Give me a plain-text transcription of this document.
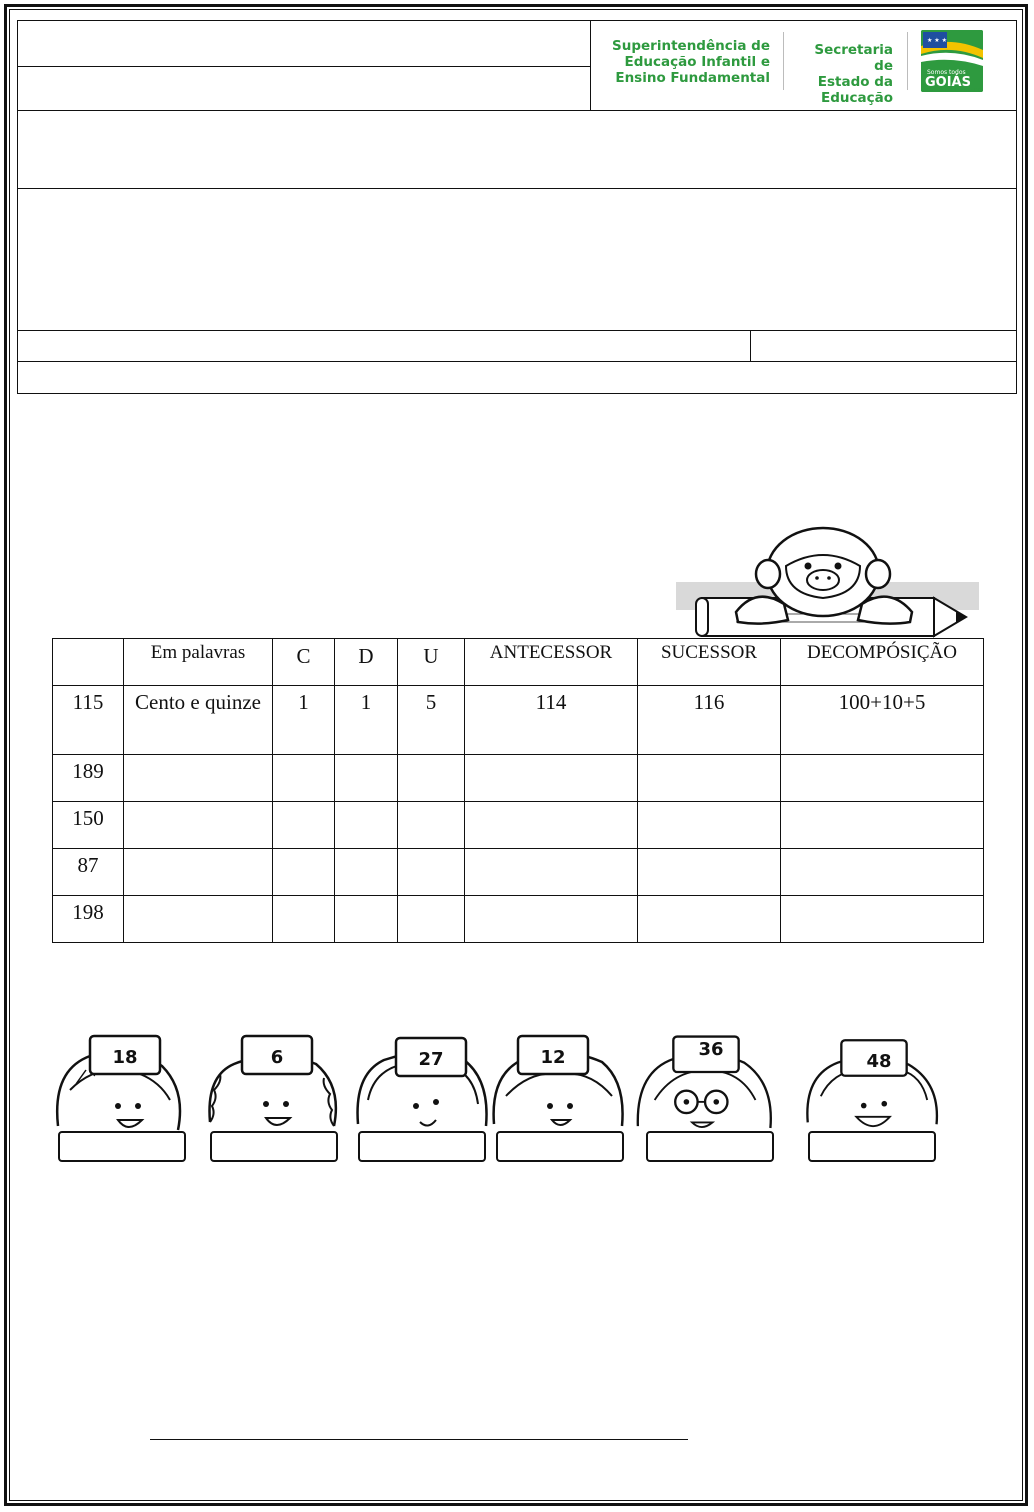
Superintendência de
Educação Infantil e
Ensino Fundamental
Secretaria de
Estado da
Educação
★ ★ ★
Somos todos
GOIÁS
GOVERNO DO ESTADO
	Em palavras	C	D	U	ANTECESSOR	SUCESSOR	DECOMPÓSIÇÃO
115	Cento e quinze	1	1	5	114	116	100+10+5
189							
150							
87							
198							
18	6	27	12	36
48
